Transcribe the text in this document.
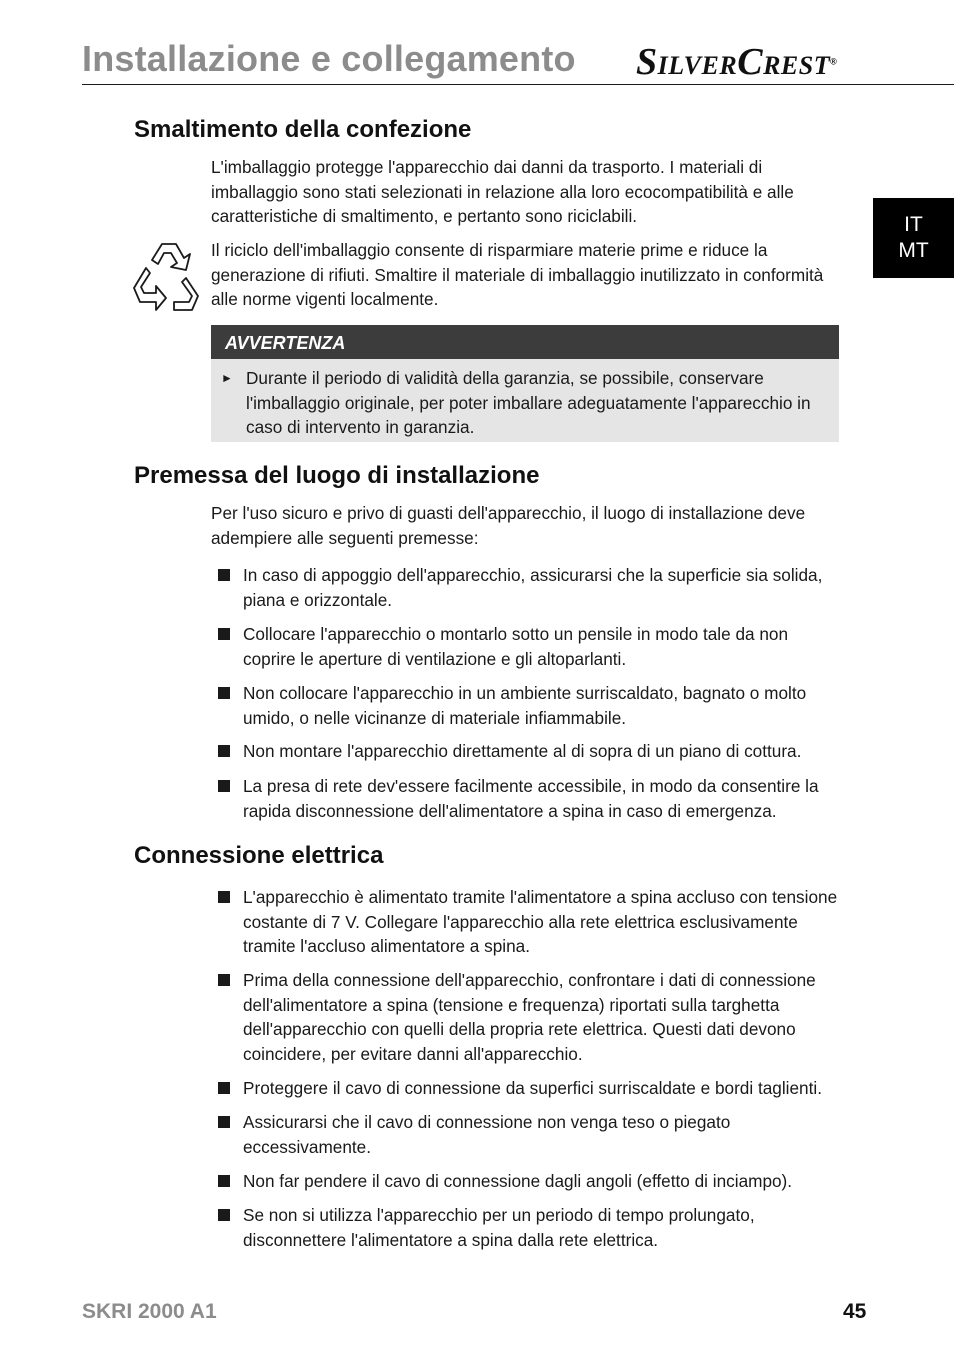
Installazione e collegamento SILVERCREST®
IT
MT
Smaltimento della confezione
L'imballaggio protegge l'apparecchio dai danni da trasporto. I materiali di imballaggio sono stati selezionati in relazione alla loro ecocompatibilità e alle caratteristiche di smaltimento, e pertanto sono riciclabili.
Il riciclo dell'imballaggio consente di risparmiare materie prime e riduce la generazione di rifiuti. Smaltire il materiale di imballaggio inutilizzato in conformità alle norme vigenti localmente.
AVVERTENZA
► Durante il periodo di validità della garanzia, se possibile, conservare l'imballaggio originale, per poter imballare adeguatamente l'apparecchio in caso di intervento in garanzia.
Premessa del luogo di installazione
Per l'uso sicuro e privo di guasti dell'apparecchio, il luogo di installazione deve adempiere alle seguenti premesse:
In caso di appoggio dell'apparecchio, assicurarsi che la superficie sia solida, piana e orizzontale.
Collocare l'apparecchio o montarlo sotto un pensile in modo tale da non coprire le aperture di ventilazione e gli altoparlanti.
Non collocare l'apparecchio in un ambiente surriscaldato, bagnato o molto umido, o nelle vicinanze di materiale infiammabile.
Non montare l'apparecchio direttamente al di sopra di un piano di cottura.
La presa di rete dev'essere facilmente accessibile, in modo da consentire la rapida disconnessione dell'alimentatore a spina in caso di emergenza.
Connessione elettrica
L'apparecchio è alimentato tramite l'alimentatore a spina accluso con tensione costante di 7 V. Collegare l'apparecchio alla rete elettrica esclusivamente tramite l'accluso alimentatore a spina.
Prima della connessione dell'apparecchio, confrontare i dati di connessione dell'alimentatore a spina (tensione e frequenza) riportati sulla targhetta dell'apparecchio con quelli della propria rete elettrica. Questi dati devono coincidere, per evitare danni all'apparecchio.
Proteggere il cavo di connessione da superfici surriscaldate e bordi taglienti.
Assicurarsi che il cavo di connessione non venga teso o piegato eccessivamente.
Non far pendere il cavo di connessione dagli angoli (effetto di inciampo).
Se non si utilizza l'apparecchio per un periodo di tempo prolungato, disconnettere l'alimentatore a spina dalla rete elettrica.
SKRI 2000 A1	45
